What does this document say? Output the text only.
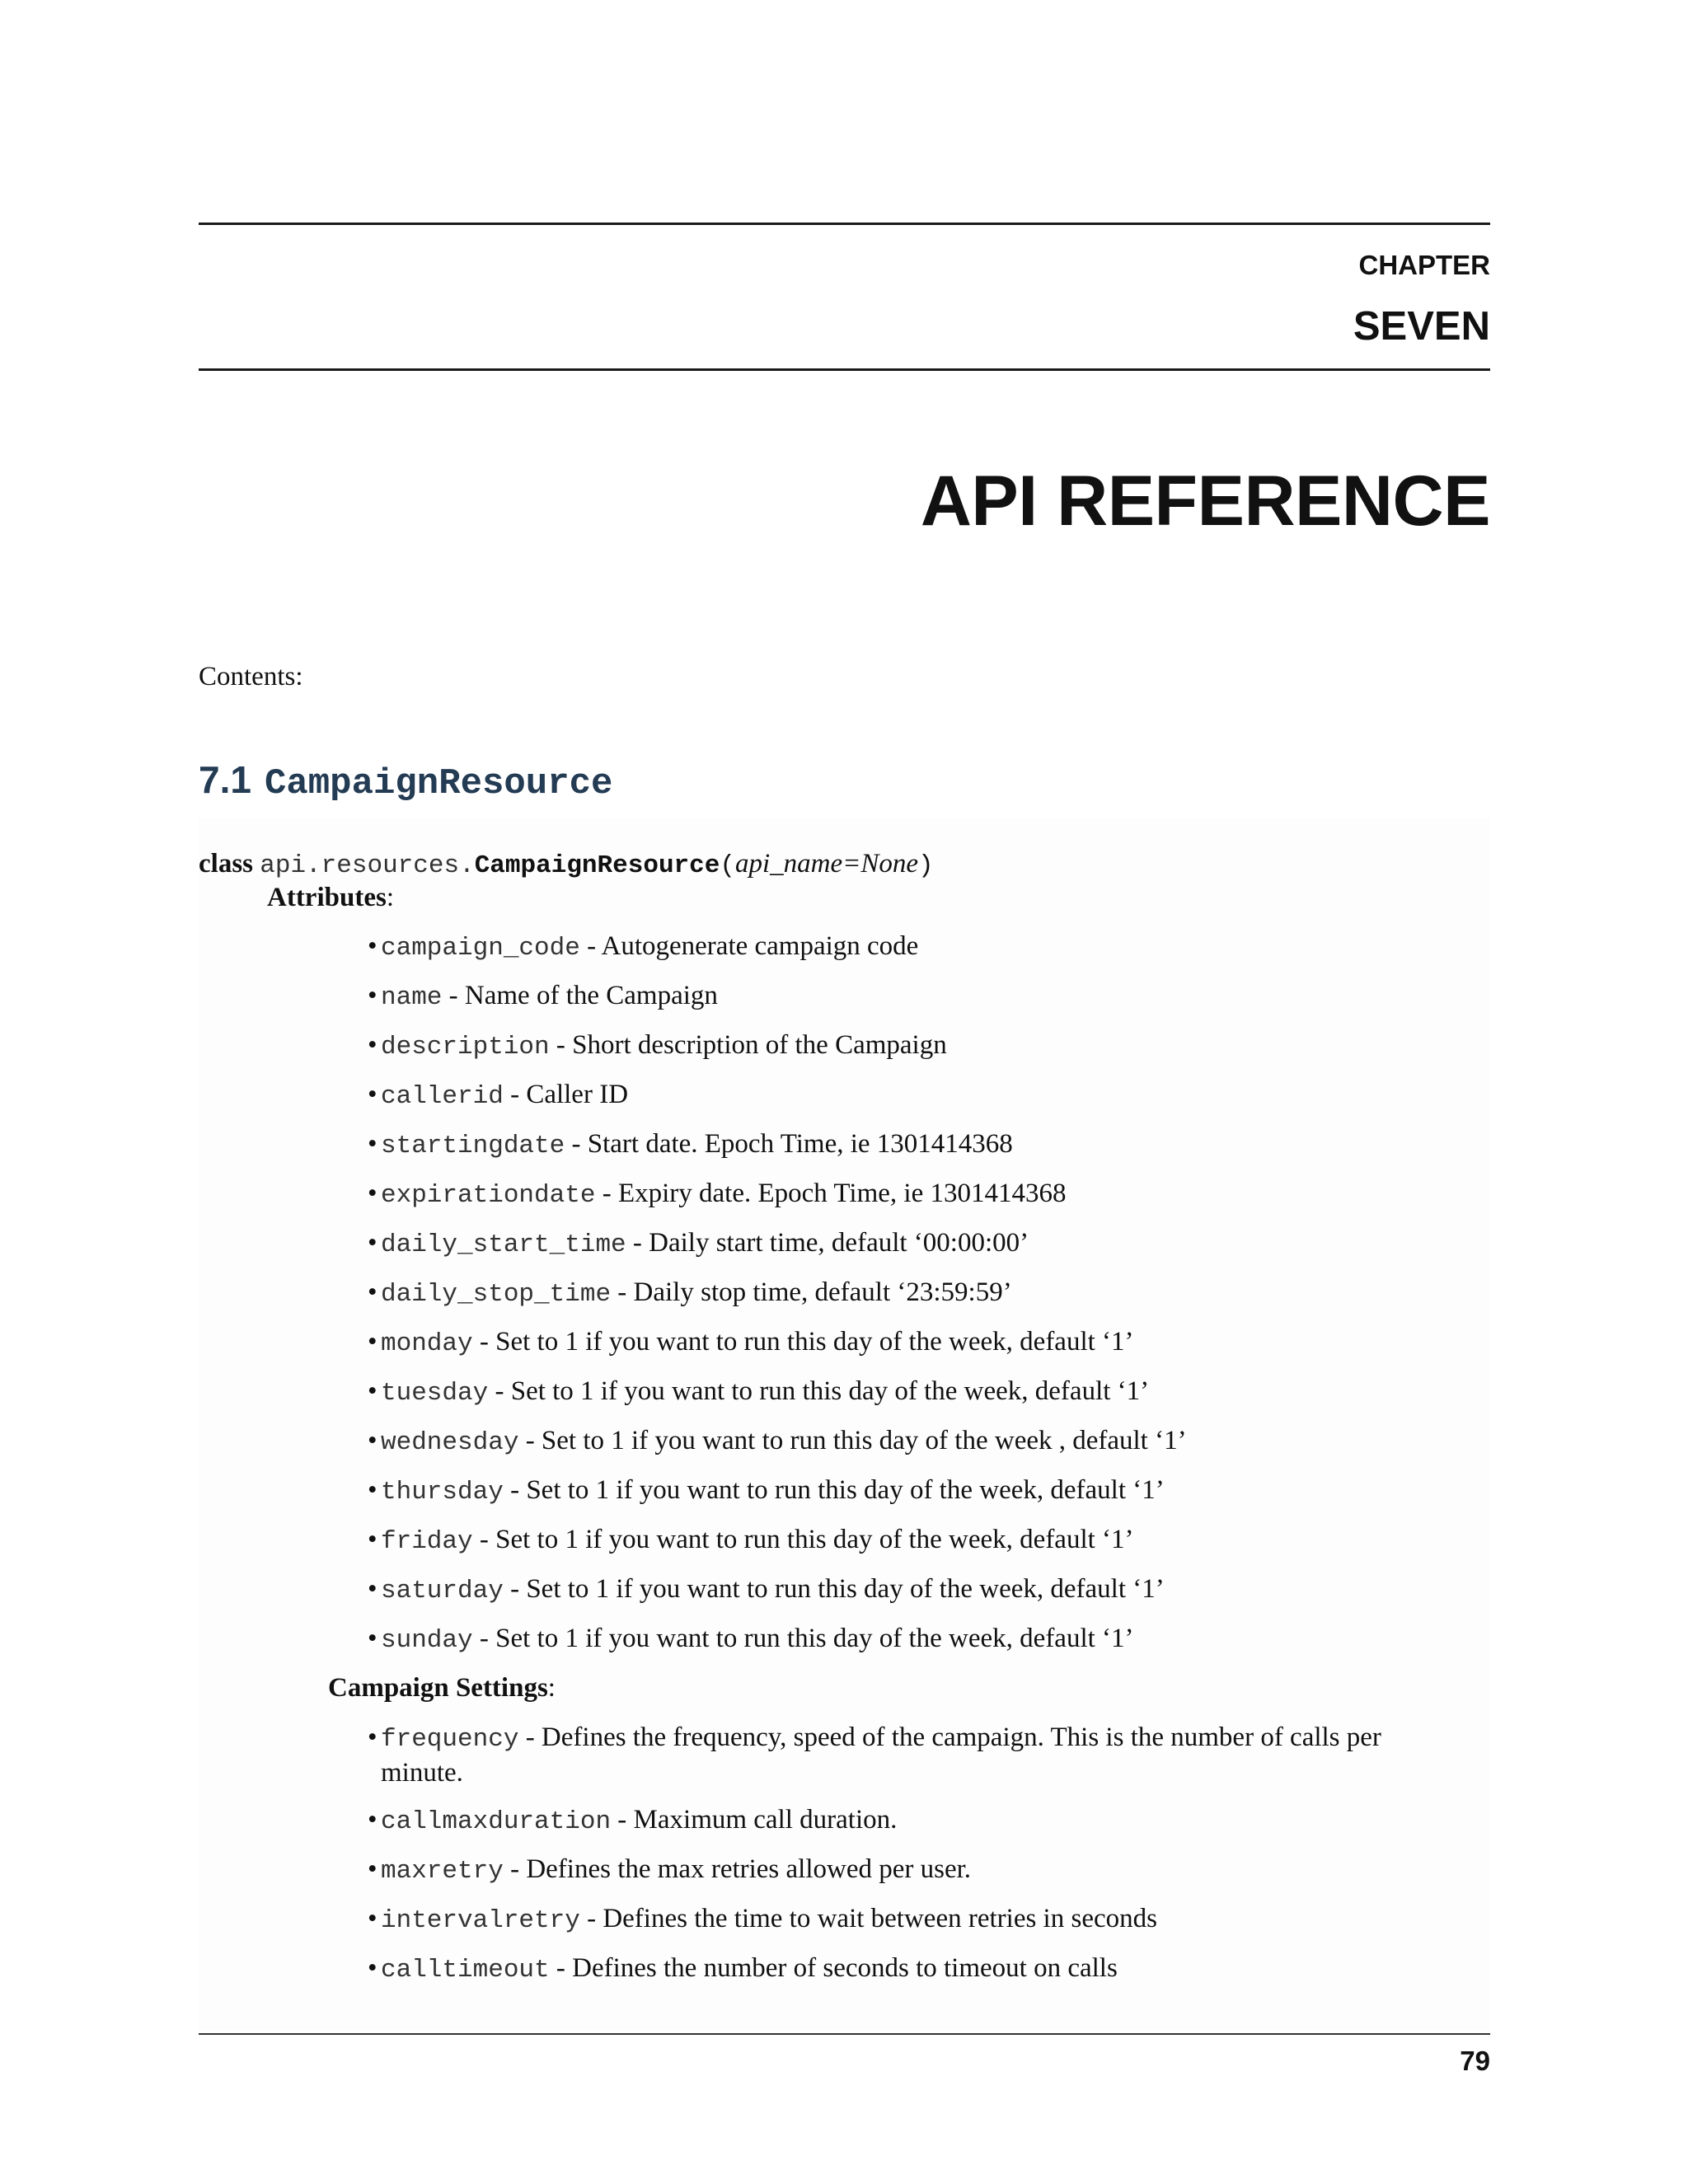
CHAPTER

SEVEN

API REFERENCE

Contents:

7.1 CampaignResource

class api.resources.CampaignResource(api_name=None)

Attributes:

• campaign_code - Autogenerate campaign code
• name - Name of the Campaign
• description - Short description of the Campaign
• callerid - Caller ID
• startingdate - Start date. Epoch Time, ie 1301414368
• expirationdate - Expiry date. Epoch Time, ie 1301414368
• daily_start_time - Daily start time, default ‘00:00:00’
• daily_stop_time - Daily stop time, default ‘23:59:59’
• monday - Set to 1 if you want to run this day of the week, default ‘1’
• tuesday - Set to 1 if you want to run this day of the week, default ‘1’
• wednesday - Set to 1 if you want to run this day of the week , default ‘1’
• thursday - Set to 1 if you want to run this day of the week, default ‘1’
• friday - Set to 1 if you want to run this day of the week, default ‘1’
• saturday - Set to 1 if you want to run this day of the week, default ‘1’
• sunday - Set to 1 if you want to run this day of the week, default ‘1’

Campaign Settings:

• frequency - Defines the frequency, speed of the campaign. This is the number of calls per minute.
• callmaxduration - Maximum call duration.
• maxretry - Defines the max retries allowed per user.
• intervalretry - Defines the time to wait between retries in seconds
• calltimeout - Defines the number of seconds to timeout on calls

79
